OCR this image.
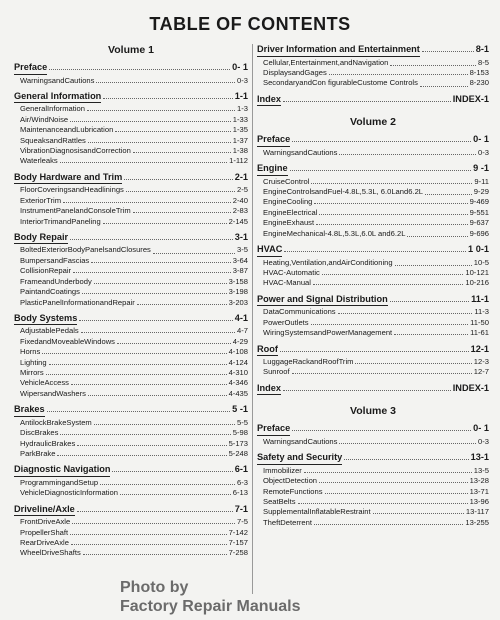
TABLE OF CONTENTS
Volume 1
Preface	0- 1
WarningsandCautions	0-3
General Information	1-1
GeneralInformation	1-3
Air/WindNoise	1-33
MaintenanceandLubrication	1-35
SqueaksandRattles	1-37
VibrationDiagnosisandCorrection	1-38
Waterleaks	1-112
Body Hardware and Trim	2-1
FloorCoveringsandHeadlinings	2-5
ExteriorTrim	2-40
InstrumentPanelandConsoleTrim	2-83
InteriorTrimandPaneling	2-145
Body Repair	3-1
BoltedExteriorBodyPanelsandClosures	3-5
BumpersandFascias	3-64
CollisionRepair	3-87
FrameandUnderbody	3-158
PaintandCoatings	3-198
PlasticPanelInformationandRepair	3-203
Body Systems	4-1
AdjustablePedals	4-7
FixedandMoveableWindows	4-29
Horns	4-108
Lighting	4-124
Mirrors	4-310
VehicleAccess	4-346
WipersandWashers	4-435
Brakes	5 -1
AntilockBrakeSystem	5-5
DiscBrakes	5-98
HydraulicBrakes	5-173
ParkBrake	5-248
Diagnostic Navigation	6-1
ProgrammingandSetup	6-3
VehicleDiagnosticInformation	6-13
Driveline/Axle	7-1
FrontDriveAxle	7-5
PropellerShaft	7-142
RearDriveAxle	7-157
WheelDriveShafts	7-258
Driver Information and Entertainment	8-1
Cellular,Entertainment,andNavigation	8-5
DisplaysandGages	8-153
SecondaryandCon figurableCustome Controls	8-230
Index	INDEX-1
Volume 2
Preface	0- 1
WarningsandCautions	0-3
Engine	9 -1
CruiseControl	9-11
EngineControlsandFuel-4.8L,5.3L, 6.0Land6.2L	9-29
EngineCooling	9-469
EngineElectrical	9-551
EngineExhaust	9-637
EngineMechanical-4.8L,5.3L,6.0L and6.2L	9-696
HVAC	1 0-1
Heating,Ventilation,andAirConditioning	10-5
HVAC-Automatic	10-121
HVAC-Manual	10-216
Power and Signal Distribution	11-1
DataCommunications	11-3
PowerOutlets	11-50
WiringSystemsandPowerManagement	11-61
Roof	12-1
LuggageRackandRoofTrim	12-3
Sunroof	12-7
Index	INDEX-1
Volume 3
Preface	0- 1
WarningsandCautions	0-3
Safety and Security	13-1
Immobilizer	13-5
ObjectDetection	13-28
RemoteFunctions	13-71
SeatBelts	13-96
SupplementalInflatableRestraint	13-117
TheftDeterrent	13-255
Photo by
Factory Repair Manuals
